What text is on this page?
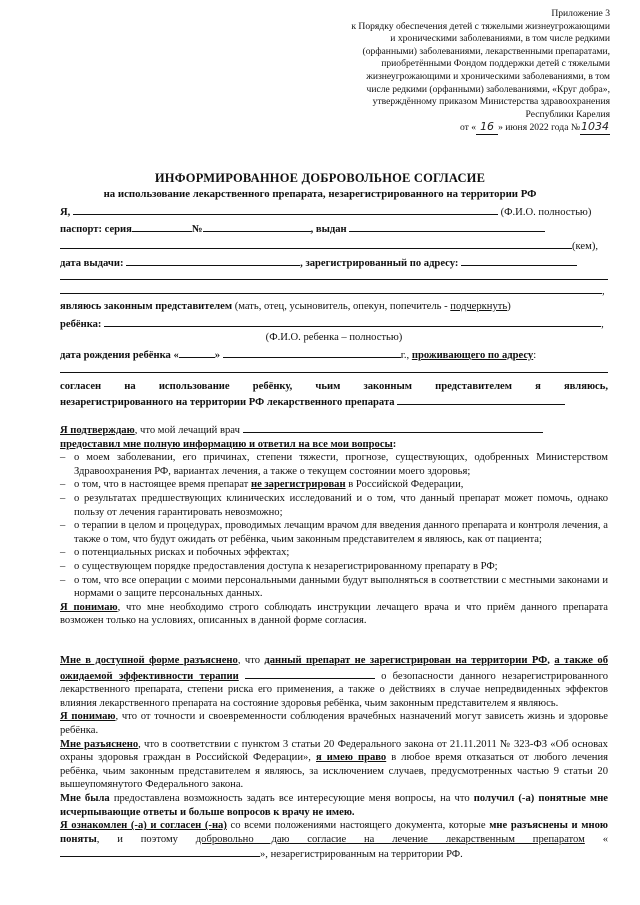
Приложение 3
к Порядку обеспечения детей с тяжелыми жизнеугрожающими
и хроническими заболеваниями, в том числе редкими
(орфанными) заболеваниями, лекарственными препаратами,
приобретёнными Фондом поддержки детей с тяжелыми
жизнеугрожающими и хроническими заболеваниями, в том
числе редкими (орфанными) заболеваниями, «Круг добра»,
утверждённому приказом Министерства здравоохранения
Республики Карелия
от « 16 » июня 2022 года №1034
ИНФОРМИРОВАННОЕ ДОБРОВОЛЬНОЕ СОГЛАСИЕ
на использование лекарственного препарата, незарегистрированного на территории РФ
Я,	(Ф.И.О. полностью)
паспорт: серия	№	, выдан
(кем),
дата выдачи:	, зарегистрированный по адресу:
,
являюсь законным представителем (мать, отец, усыновитель, опекун, попечитель - подчеркнуть)
ребёнка:	,
(Ф.И.О. ребенка – полностью)
дата рождения ребёнка «	»	г., проживающего по адресу:
согласен на использование ребёнку, чьим законным представителем я являюсь,
незарегистрированного на территории РФ лекарственного препарата
Я подтверждаю, что мой лечащий врач
предоставил мне полную информацию и ответил на все мои вопросы:
– о моем заболевании, его причинах, степени тяжести, прогнозе, существующих, одобренных Министерством Здравоохранения РФ, вариантах лечения, а также о текущем состоянии моего здоровья;
– о том, что в настоящее время препарат не зарегистрирован в Российской Федерации,
– о результатах предшествующих клинических исследований и о том, что данный препарат может помочь, однако пользу от лечения гарантировать невозможно;
– о терапии в целом и процедурах, проводимых лечащим врачом для введения данного препарата и контроля лечения, а также о том, что будут ожидать от ребёнка, чьим законным представителем я являюсь, как от пациента;
– о потенциальных рисках и побочных эффектах;
– о существующем порядке предоставления доступа к незарегистрированному препарату в РФ;
– о том, что все операции с моими персональными данными будут выполняться в соответствии с местными законами и нормами о защите персональных данных.
Я понимаю, что мне необходимо строго соблюдать инструкции лечащего врача и что приём данного препарата возможен только на условиях, описанных в данной форме согласия.
Мне в доступной форме разъяснено, что данный препарат не зарегистрирован на территории РФ, а также об ожидаемой эффективности терапии	о безопасности данного незарегистрированного лекарственного препарата, степени риска его применения, а также о действиях в случае непредвиденных эффектов влияния лекарственного препарата на состояние здоровья ребёнка, чьим законным представителем я являюсь.
Я понимаю, что от точности и своевременности соблюдения врачебных назначений могут зависеть жизнь и здоровье ребёнка.
Мне разъяснено, что в соответствии с пунктом 3 статьи 20 Федерального закона от 21.11.2011 № 323-ФЗ «Об основах охраны здоровья граждан в Российской Федерации», я имею право в любое время отказаться от любого лечения ребёнка, чьим законным представителем я являюсь, за исключением случаев, предусмотренных частью 9 статьи 20 вышеупомянутого Федерального закона.
Мне была предоставлена возможность задать все интересующие меня вопросы, на что получил (-а) понятные мне исчерпывающие ответы и больше вопросов к врачу не имею.
Я ознакомлен (-а) и согласен (-на) со всеми положениями настоящего документа, которые мне разъяснены и мною поняты, и поэтому добровольно даю согласие на лечение лекарственным препаратом «», незарегистрированным на территории РФ.
